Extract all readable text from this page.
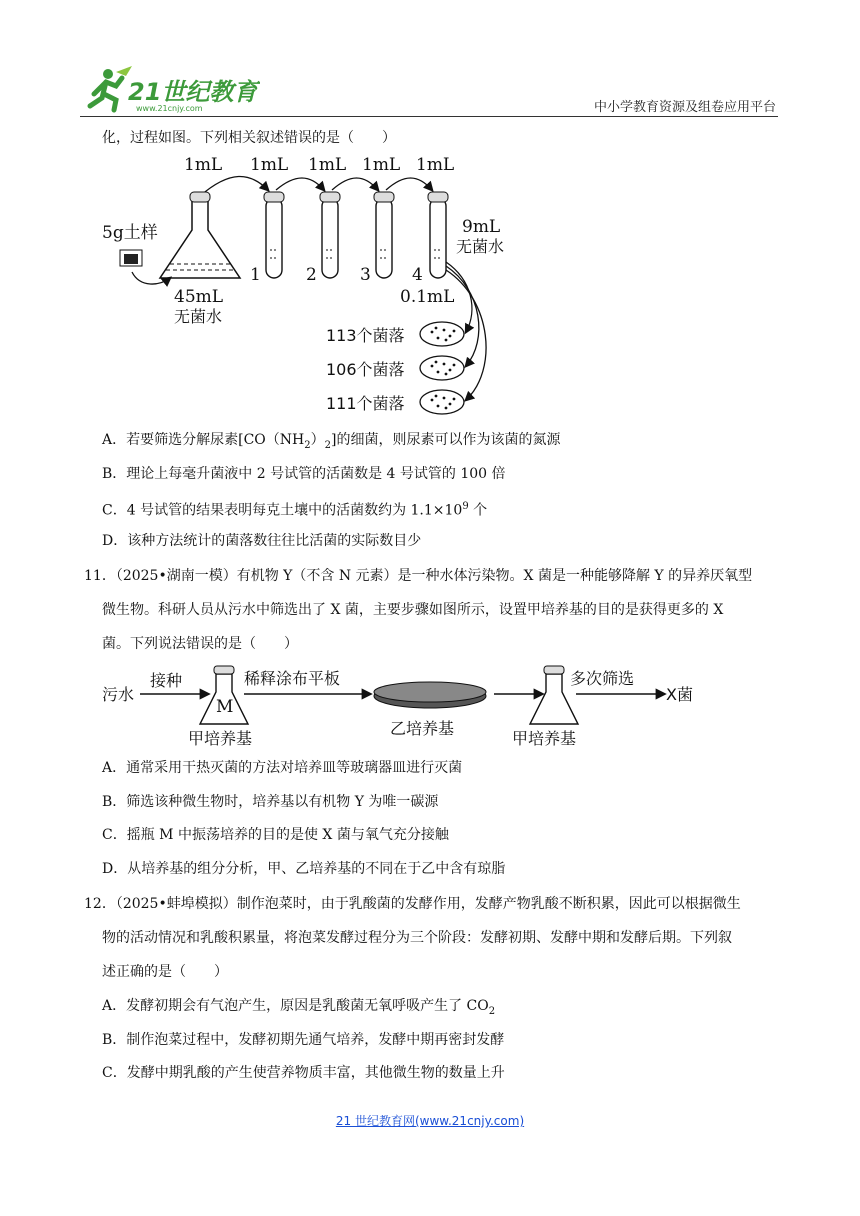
21世纪教育
www.21cnjy.com	中小学教育资源及组卷应用平台
化，过程如图。下列相关叙述错误的是（　　）
1mL 1mL 1mL 1mL 1mL
5g土样
45mL
无菌水
1	2	3 4
9mL
无菌水
0.1mL
113个菌落
106个菌落
111个菌落
A．若要筛选分解尿素$[CO(NH_2)_2]$的细菌，则尿素可以作为该菌的氮源
B．理论上每毫升菌液中 2 号试管的活菌数是 4 号试管的 100 倍
C．4 号试管的结果表明每克土壤中的活菌数约为 $1.1\times 10^9$ 个
D．该种方法统计的菌落数往往比活菌的实际数目少
11．（2025•湖南一模）有机物 Y（不含 N 元素）是一种水体污染物。X 菌是一种能够降解 Y 的异养厌氧型
微生物。科研人员从污水中筛选出了 X 菌，主要步骤如图所示，设置甲培养基的目的是获得更多的 X
菌。下列说法错误的是（　　）
污水
接种
M
甲培养基
稀释涂布平板
乙培养基
甲培养基
多次筛选
X菌
A．通常采用干热灭菌的方法对培养皿等玻璃器皿进行灭菌
B．筛选该种微生物时，培养基以有机物 Y 为唯一碳源
C．摇瓶 M 中振荡培养的目的是使 X 菌与氧气充分接触
D．从培养基的组分分析，甲、乙培养基的不同在于乙中含有琼脂
12．（2025•蚌埠模拟）制作泡菜时，由于乳酸菌的发酵作用，发酵产物乳酸不断积累，因此可以根据微生
物的活动情况和乳酸积累量，将泡菜发酵过程分为三个阶段：发酵初期、发酵中期和发酵后期。下列叙
述正确的是（　　）
A．发酵初期会有气泡产生，原因是乳酸菌无氧呼吸产生了 $CO_2$
B．制作泡菜过程中，发酵初期先通气培养，发酵中期再密封发酵
C．发酵中期乳酸的产生使营养物质丰富，其他微生物的数量上升
21 世纪教育网(www.21cnjy.com)
